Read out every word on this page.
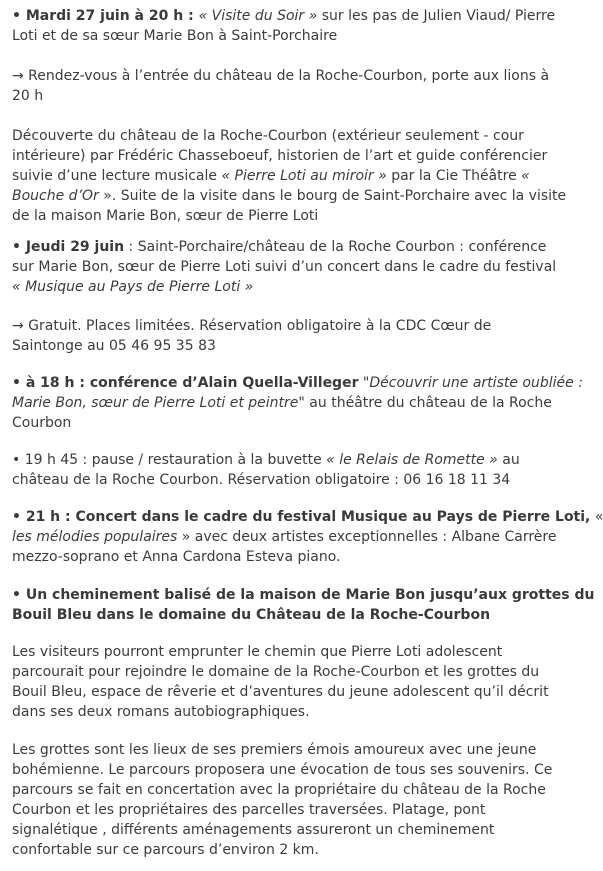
• Mardi 27 juin à 20 h : « Visite du Soir » sur les pas de Julien Viaud/ Pierre
Loti et de sa sœur Marie Bon à Saint-Porchaire

→ Rendez-vous à l’entrée du château de la Roche-Courbon, porte aux lions à
20 h

Découverte du château de la Roche-Courbon (extérieur seulement - cour
intérieure) par Frédéric Chasseboeuf, historien de l’art et guide conférencier
suivie d’une lecture musicale « Pierre Loti au miroir » par la Cie Théâtre «
Bouche d’Or ». Suite de la visite dans le bourg de Saint-Porchaire avec la visite
de la maison Marie Bon, sœur de Pierre Loti

• Jeudi 29 juin : Saint-Porchaire/château de la Roche Courbon : conférence
sur Marie Bon, sœur de Pierre Loti suivi d’un concert dans le cadre du festival
« Musique au Pays de Pierre Loti »

→ Gratuit. Places limitées. Réservation obligatoire à la CDC Cœur de
Saintonge au 05 46 95 35 83

• à 18 h : conférence d’Alain Quella-Villeger "Découvrir une artiste oubliée :
Marie Bon, sœur de Pierre Loti et peintre" au théâtre du château de la Roche
Courbon

• 19 h 45 : pause / restauration à la buvette « le Relais de Romette » au
château de la Roche Courbon. Réservation obligatoire : 06 16 18 11 34

• 21 h : Concert dans le cadre du festival Musique au Pays de Pierre Loti, «
les mélodies populaires » avec deux artistes exceptionnelles : Albane Carrère
mezzo-soprano et Anna Cardona Esteva piano.

• Un cheminement balisé de la maison de Marie Bon jusqu’aux grottes du
Bouil Bleu dans le domaine du Château de la Roche-Courbon

Les visiteurs pourront emprunter le chemin que Pierre Loti adolescent
parcourait pour rejoindre le domaine de la Roche-Courbon et les grottes du
Bouil Bleu, espace de rêverie et d’aventures du jeune adolescent qu’il décrit
dans ses deux romans autobiographiques.

Les grottes sont les lieux de ses premiers émois amoureux avec une jeune
bohémienne. Le parcours proposera une évocation de tous ses souvenirs. Ce
parcours se fait en concertation avec la propriétaire du château de la Roche
Courbon et les propriétaires des parcelles traversées. Platage, pont
signalétique , différents aménagements assureront un cheminement
confortable sur ce parcours d’environ 2 km.
